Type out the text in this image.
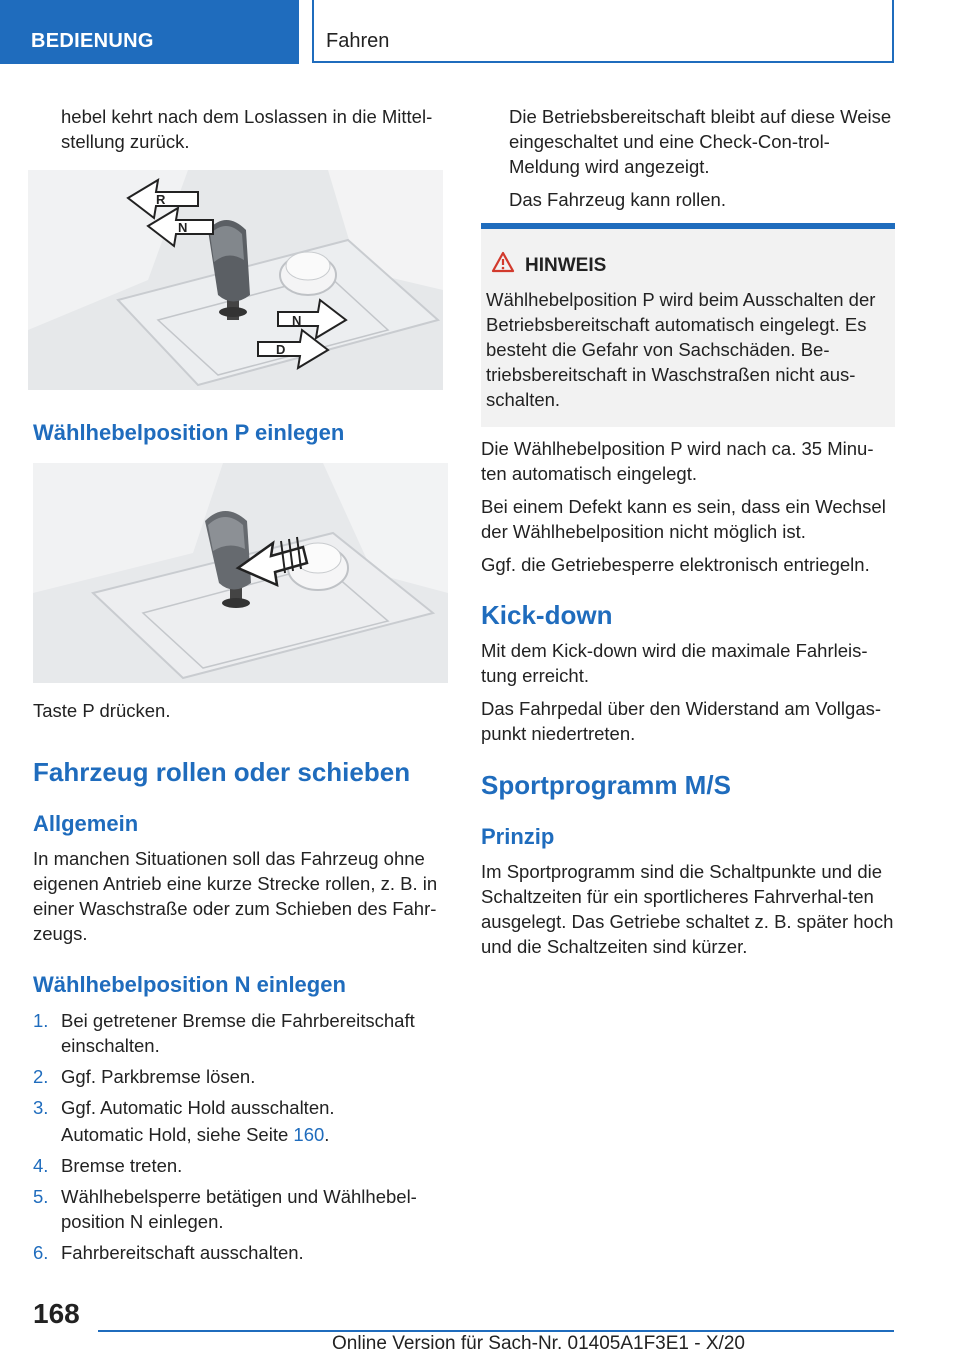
BEDIENUNG	Fahren

hebel kehrt nach dem Loslassen in die Mittel-stellung zurück.

R
N
N
D
Wählhebelposition P einlegen

Taste P drücken.

Fahrzeug rollen oder schieben
Allgemein

In manchen Situationen soll das Fahrzeug ohne eigenen Antrieb eine kurze Strecke rollen, z. B. in einer Waschstraße oder zum Schieben des Fahr-zeugs.

Wählhebelposition N einlegen
1. Bei getretener Bremse die Fahrbereitschaft einschalten.
2. Ggf. Parkbremse lösen.
3. Ggf. Automatic Hold ausschalten.
Automatic Hold, siehe Seite 160.
4. Bremse treten.
5. Wählhebelsperre betätigen und Wählhebel-position N einlegen.
6. Fahrbereitschaft ausschalten.

Die Betriebsbereitschaft bleibt auf diese Weise eingeschaltet und eine Check-Con-trol-Meldung wird angezeigt.

Das Fahrzeug kann rollen.

HINWEIS

Wählhebelposition P wird beim Ausschalten der Betriebsbereitschaft automatisch eingelegt. Es besteht die Gefahr von Sachschäden. Be-triebsbereitschaft in Waschstraßen nicht aus-schalten.

Die Wählhebelposition P wird nach ca. 35 Minu-ten automatisch eingelegt.

Bei einem Defekt kann es sein, dass ein Wechsel der Wählhebelposition nicht möglich ist.

Ggf. die Getriebesperre elektronisch entriegeln.

Kick-down

Mit dem Kick-down wird die maximale Fahrleis-tung erreicht.

Das Fahrpedal über den Widerstand am Vollgas-punkt niedertreten.

Sportprogramm M/S
Prinzip

Im Sportprogramm sind die Schaltpunkte und die Schaltzeiten für ein sportlicheres Fahrverhal-ten ausgelegt. Das Getriebe schaltet z. B. später hoch und die Schaltzeiten sind kürzer.

168
Online Version für Sach-Nr. 01405A1F3E1 - X/20
